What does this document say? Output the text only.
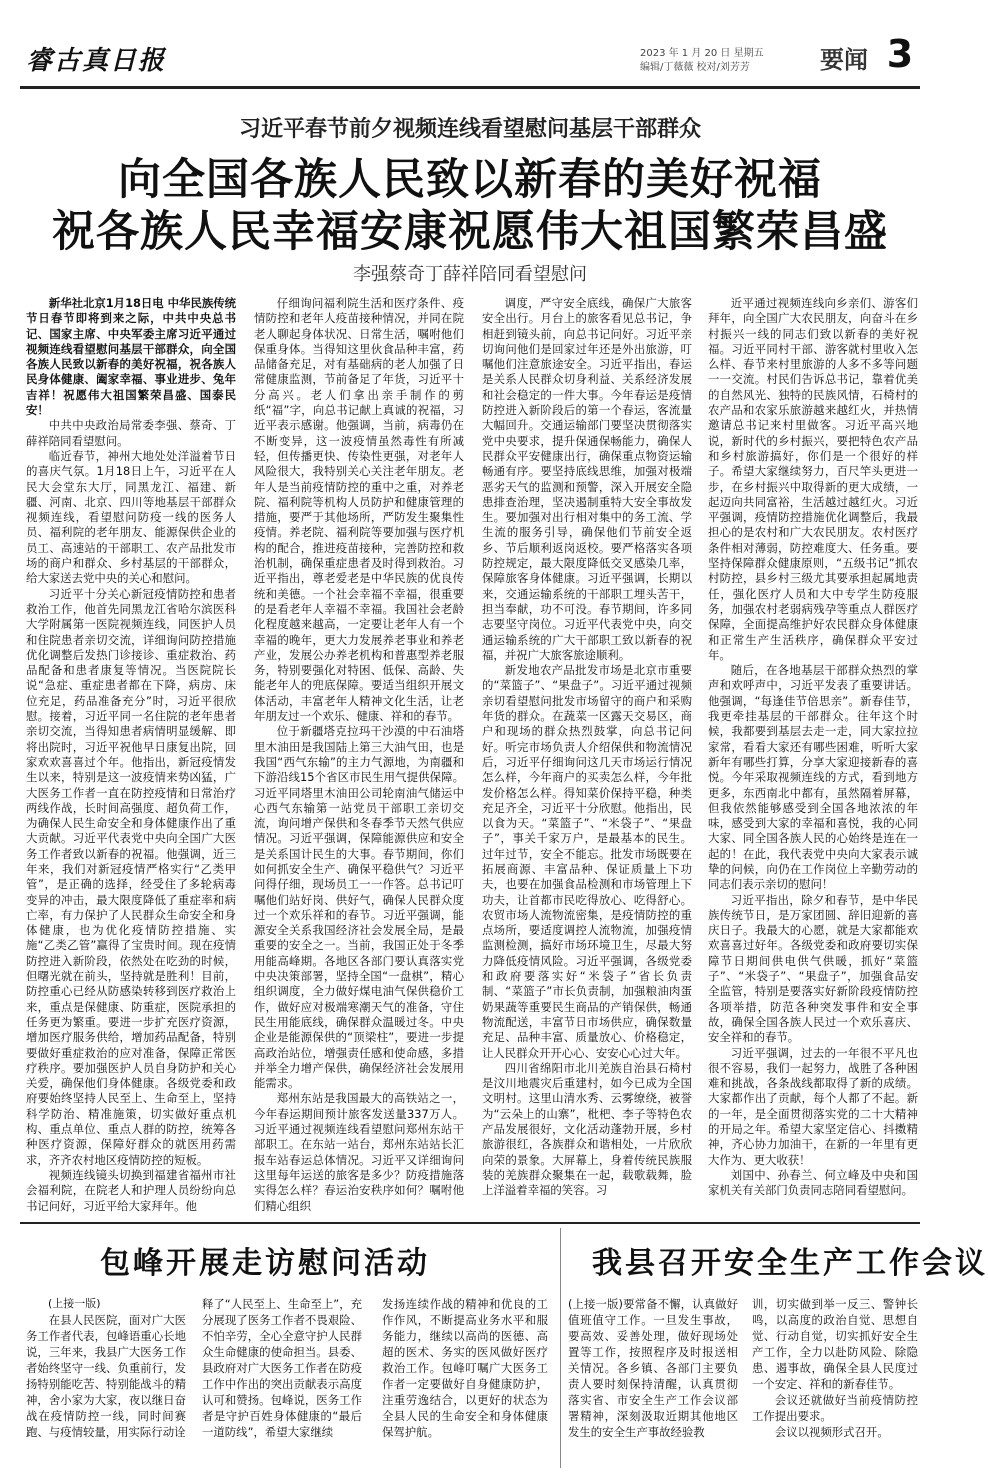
睿古真日报	2023 年 1 月 20 日 星期五
编辑/丁薇薇 校对/刘芳芳	要闻 3
习近平春节前夕视频连线看望慰问基层干部群众
向全国各族人民致以新春的美好祝福
祝各族人民幸福安康祝愿伟大祖国繁荣昌盛
李强蔡奇丁薛祥陪同看望慰问

新华社北京1月18日电 中华民族传统节日春节即将到来之际，中共中央总书记、国家主席、中央军委主席习近平通过视频连线看望慰问基层干部群众，向全国各族人民致以新春的美好祝福，祝各族人民身体健康、阖家幸福、事业进步、兔年吉祥！祝愿伟大祖国繁荣昌盛、国泰民安！

中共中央政治局常委李强、蔡奇、丁薛祥陪同看望慰问。

临近春节，神州大地处处洋溢着节日的喜庆气氛。1月18日上午，习近平在人民大会堂东大厅，同黑龙江、福建、新疆、河南、北京、四川等地基层干部群众视频连线，看望慰问防疫一线的医务人员、福利院的老年朋友、能源保供企业的员工、高速站的干部职工、农产品批发市场的商户和群众、乡村基层的干部群众，给大家送去党中央的关心和慰问。

习近平十分关心新冠疫情防控和患者救治工作，他首先同黑龙江省哈尔滨医科大学附属第一医院视频连线，同医护人员和住院患者亲切交流，详细询问防控措施优化调整后发热门诊接诊、重症救治、药品配备和患者康复等情况。当医院院长说“急症、重症患者都在下降，病房、床位充足，药品准备充分”时，习近平很欣慰。接着，习近平同一名住院的老年患者亲切交流，当得知患者病情明显缓解、即将出院时，习近平祝他早日康复出院，回家欢欢喜喜过个年。他指出，新冠疫情发生以来，特别是这一波疫情来势凶猛，广大医务工作者一直在防控疫情和日常治疗两线作战，长时间高强度、超负荷工作，为确保人民生命安全和身体健康作出了重大贡献。习近平代表党中央向全国广大医务工作者致以新春的祝福。他强调，近三年来，我们对新冠疫情严格实行“乙类甲管”，是正确的选择，经受住了多轮病毒变异的冲击，最大限度降低了重症率和病亡率，有力保护了人民群众生命安全和身体健康，也为优化疫情防控措施、实施“乙类乙管”赢得了宝贵时间。现在疫情防控进入新阶段，依然处在吃劲的时候，但曙光就在前头，坚持就是胜利！目前，防控重心已经从防感染转移到医疗救治上来，重点是保健康、防重症，医院承担的任务更为繁重。要进一步扩充医疗资源，增加医疗服务供给，增加药品配备，特别要做好重症救治的应对准备，保障正常医疗秩序。要加强医护人员自身防护和关心关爱，确保他们身体健康。各级党委和政府要始终坚持人民至上、生命至上，坚持科学防治、精准施策，切实做好重点机构、重点单位、重点人群的防控，统筹各种医疗资源，保障好群众的就医用药需求，齐齐农村地区疫情防控的短板。

视频连线镜头切换到福建省福州市社会福利院，在院老人和护理人员纷纷向总书记问好，习近平给大家拜年。他

仔细询问福利院生活和医疗条件、疫情防控和老年人疫苗接种情况，并同在院老人聊起身体状况、日常生活，嘱咐他们保重身体。当得知这里伙食品种丰富，药品储备充足，对有基础病的老人加强了日常健康监测，节前备足了年货，习近平十分高兴。老人们拿出亲手制作的剪纸“福”字，向总书记献上真诚的祝福，习近平表示感谢。他强调，当前，病毒仍在不断变异，这一波疫情虽然毒性有所减轻，但传播更快、传染性更强，对老年人风险很大，我特别关心关注老年朋友。老年人是当前疫情防控的重中之重，对养老院、福利院等机构人员防护和健康管理的措施，要严于其他场所，严防发生聚集性疫情。养老院、福利院等要加强与医疗机构的配合，推进疫苗接种，完善防控和救治机制，确保重症患者及时得到救治。习近平指出，尊老爱老是中华民族的优良传统和美德。一个社会幸福不幸福，很重要的是看老年人幸福不幸福。我国社会老龄化程度越来越高，一定要让老年人有一个幸福的晚年，更大力发展养老事业和养老产业，发展公办养老机构和普惠型养老服务，特别要强化对特困、低保、高龄、失能老年人的兜底保障。要适当组织开展文体活动，丰富老年人精神文化生活，让老年朋友过一个欢乐、健康、祥和的春节。

位于新疆塔克拉玛干沙漠的中石油塔里木油田是我国陆上第三大油气田，也是我国“西气东输”的主力气源地，为南疆和下游沿线15个省区市民生用气提供保障。习近平同塔里木油田公司轮南油气储运中心西气东输第一站党员干部职工亲切交流，询问增产保供和冬春季节天然气供应情况。习近平强调，保障能源供应和安全是关系国计民生的大事。春节期间，你们如何抓安全生产、确保平稳供气？习近平问得仔细，现场员工一一作答。总书记叮嘱他们站好岗、供好气，确保人民群众度过一个欢乐祥和的春节。习近平强调，能源安全关系我国经济社会发展全局，是最重要的安全之一。当前，我国正处于冬季用能高峰期。各地区各部门要认真落实党中央决策部署，坚持全国“一盘棋”，精心组织调度，全力做好煤电油气保供稳价工作，做好应对极端寒潮天气的准备，守住民生用能底线，确保群众温暖过冬。中央企业是能源保供的“顶梁柱”，要进一步提高政治站位，增强责任感和使命感，多措并举全力增产保供，确保经济社会发展用能需求。

郑州东站是我国最大的高铁站之一，今年春运期间预计旅客发送量337万人。习近平通过视频连线看望慰问郑州东站干部职工。在东站一站台，郑州东站站长汇报车站春运总体情况。习近平又详细询问这里每年运送的旅客是多少？防疫措施落实得怎么样？春运治安秩序如何？嘱咐他们精心组织

调度，严守安全底线，确保广大旅客安全出行。月台上的旅客看见总书记，争相赶到镜头前，向总书记问好。习近平亲切询问他们是回家过年还是外出旅游，叮嘱他们注意旅途安全。习近平指出，春运是关系人民群众切身利益、关系经济发展和社会稳定的一件大事。今年春运是疫情防控进入新阶段后的第一个春运，客流量大幅回升。交通运输部门要坚决贯彻落实党中央要求，提升保通保畅能力，确保人民群众平安健康出行，确保重点物资运输畅通有序。要坚持底线思维，加强对极端恶劣天气的监测和预警，深入开展安全隐患排查治理，坚决遏制重特大安全事故发生。要加强对出行相对集中的务工流、学生流的服务引导，确保他们节前安全返乡、节后顺利返岗返校。要严格落实各项防控规定，最大限度降低交叉感染几率，保障旅客身体健康。习近平强调，长期以来，交通运输系统的干部职工埋头苦干，担当奉献，功不可没。春节期间，许多同志要坚守岗位。习近平代表党中央，向交通运输系统的广大干部职工致以新春的祝福，并祝广大旅客旅途顺利。

新发地农产品批发市场是北京市重要的“菜篮子”、“果盘子”。习近平通过视频亲切看望慰问批发市场留守的商户和采购年货的群众。在蔬菜一区露天交易区，商户和现场的群众热烈鼓掌，向总书记问好。听完市场负责人介绍保供和物流情况后，习近平仔细询问这几天市场运行情况怎么样，今年商户的买卖怎么样，今年批发价格怎么样。得知菜价保持平稳，种类充足齐全，习近平十分欣慰。他指出，民以食为天。“菜篮子”、“米袋子”、“果盘子”，事关千家万户，是最基本的民生。过年过节，安全不能忘。批发市场既要在拓展商源、丰富品种、保证质量上下功夫，也要在加强食品检测和市场管理上下功夫，让首都市民吃得放心、吃得舒心。农贸市场人流物流密集，是疫情防控的重点场所，要适度调控人流物流，加强疫情监测检测，搞好市场环境卫生，尽最大努力降低疫情风险。习近平强调，各级党委和政府要落实好“米袋子”省长负责制、“菜篮子”市长负责制，加强粮油肉蛋奶果蔬等重要民生商品的产销保供，畅通物流配送，丰富节日市场供应，确保数量充足、品种丰富、质量放心、价格稳定，让人民群众开开心心、安安心心过大年。

四川省绵阳市北川羌族自治县石椅村是汶川地震灾后重建村，如今已成为全国文明村。这里山清水秀、云雾缭绕，被誉为“云朵上的山寨”，枇杷、李子等特色农产品发展很好，文化活动蓬勃开展，乡村旅游很红，各族群众和谐相处，一片欣欣向荣的景象。大屏幕上，身着传统民族服装的羌族群众聚集在一起，载歌载舞，脸上洋溢着幸福的笑容。习

近平通过视频连线向乡亲们、游客们拜年，向全国广大农民朋友，向奋斗在乡村振兴一线的同志们致以新春的美好祝福。习近平同村干部、游客就村里收入怎么样、春节来村里旅游的人多不多等问题一一交流。村民们告诉总书记，靠着优美的自然风光、独特的民族风情，石椅村的农产品和农家乐旅游越来越红火，并热情邀请总书记来村里做客。习近平高兴地说，新时代的乡村振兴，要把特色农产品和乡村旅游搞好，你们是一个很好的样子。希望大家继续努力，百尺竿头更进一步，在乡村振兴中取得新的更大成绩，一起迈向共同富裕，生活越过越红火。习近平强调，疫情防控措施优化调整后，我最担心的是农村和广大农民朋友。农村医疗条件相对薄弱，防控难度大、任务重。要坚持保障群众健康原则，“五级书记”抓农村防控，县乡村三级尤其要承担起属地责任，强化医疗人员和大中专学生防疫服务，加强农村老弱病残孕等重点人群医疗保障，全面提高维护好农民群众身体健康和正常生产生活秩序，确保群众平安过年。

随后，在各地基层干部群众热烈的掌声和欢呼声中，习近平发表了重要讲话。他强调，“每逢佳节倍思亲”。新春佳节，我更牵挂基层的干部群众。往年这个时候，我都要到基层去走一走，同大家拉拉家常，看看大家还有哪些困难，听听大家新年有哪些打算，分享大家迎接新春的喜悦。今年采取视频连线的方式，看到地方更多，东西南北中都有，虽然隔着屏幕，但我依然能够感受到全国各地浓浓的年味，感受到大家的幸福和喜悦，我的心同大家、同全国各族人民的心始终是连在一起的！在此，我代表党中央向大家表示诚挚的问候，向仍在工作岗位上辛勤劳动的同志们表示亲切的慰问！

习近平指出，除夕和春节，是中华民族传统节日，是万家团圆、辞旧迎新的喜庆日子。我最大的心愿，就是大家都能欢欢喜喜过好年。各级党委和政府要切实保障节日期间供电供气供暖，抓好“菜篮子”、“米袋子”、“果盘子”，加强食品安全监管，特别是要落实好新阶段疫情防控各项举措，防范各种突发事件和安全事故，确保全国各族人民过一个欢乐喜庆、安全祥和的春节。

习近平强调，过去的一年很不平凡也很不容易，我们一起努力，战胜了各种困难和挑战，各条战线都取得了新的成绩。大家都作出了贡献，每个人都了不起。新的一年，是全面贯彻落实党的二十大精神的开局之年。希望大家坚定信心、抖擞精神，齐心协力加油干，在新的一年里有更大作为、更大收获！

刘国中、孙春兰、何立峰及中央和国家机关有关部门负责同志陪同看望慰问。

包峰开展走访慰问活动

(上接一版)

在县人民医院，面对广大医务工作者代表，包峰语重心长地说，三年来，我县广大医务工作者始终坚守一线、负重前行，发扬特别能吃苦、特别能战斗的精神，舍小家为大家，夜以继日奋战在疫情防控一线，同时间赛跑、与疫情较量，用实际行动诠

释了“人民至上、生命至上”，充分展现了医务工作者不畏艰险、不怕辛劳，全心全意守护人民群众生命健康的使命担当。县委、县政府对广大医务工作者在防疫工作中作出的突出贡献表示高度认可和赞扬。包峰说，医务工作者是守护百姓身体健康的“最后一道防线”，希望大家继续

发扬连续作战的精神和优良的工作作风，不断提高业务水平和服务能力，继续以高尚的医德、高超的医术、务实的医风做好医疗救治工作。包峰叮嘱广大医务工作者一定要做好自身健康防护，注重劳逸结合，以更好的状态为全县人民的生命安全和身体健康保驾护航。

我县召开安全生产工作会议

(上接一版)要常备不懈，认真做好值班值守工作。一旦发生事故，要高效、妥善处理，做好现场处置等工作，按照程序及时报送相关情况。各乡镇、各部门主要负责人要时刻保持清醒，认真贯彻落实省、市安全生产工作会议部署精神，深刻汲取近期其他地区发生的安全生产事故经验教

训，切实做到举一反三、警钟长鸣，以高度的政治自觉、思想自觉、行动自觉，切实抓好安全生产工作，全力以赴防风险、除隐患、遏事故，确保全县人民度过一个安定、祥和的新春佳节。

会议还就做好当前疫情防控工作提出要求。

会议以视频形式召开。
